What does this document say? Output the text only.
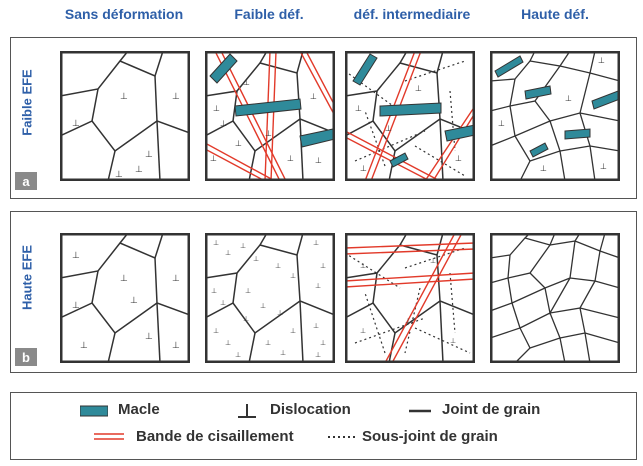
Sans déformation	Faible déf.	déf. intermediaire	Haute déf.
Faible EFE
a
Haute EFE
b
⊥
⊥
⊥
⊥
⊥ ⊥
⊥
⊥
⊥
⊥
⊥
⊥
⊥	⊥
⊥
⊥
⊥
⊥
⊥
⊥
⊥
⊥	⊥
⊥
⊥
⊥
⊥
⊥	⊥
⊥
⊥
⊥	⊥
⊥
⊥
⊥
⊥
⊥
⊥
⊥
⊥
⊥
⊥
⊥
⊥
⊥
⊥
⊥
⊥
⊥
⊥
⊥
⊥
⊥
⊥
⊥
⊥
⊥
⊥
⊥
⊥
⊥
Macle	Dislocation	Joint de grain
Bande de cisaillement	Sous-joint de grain
